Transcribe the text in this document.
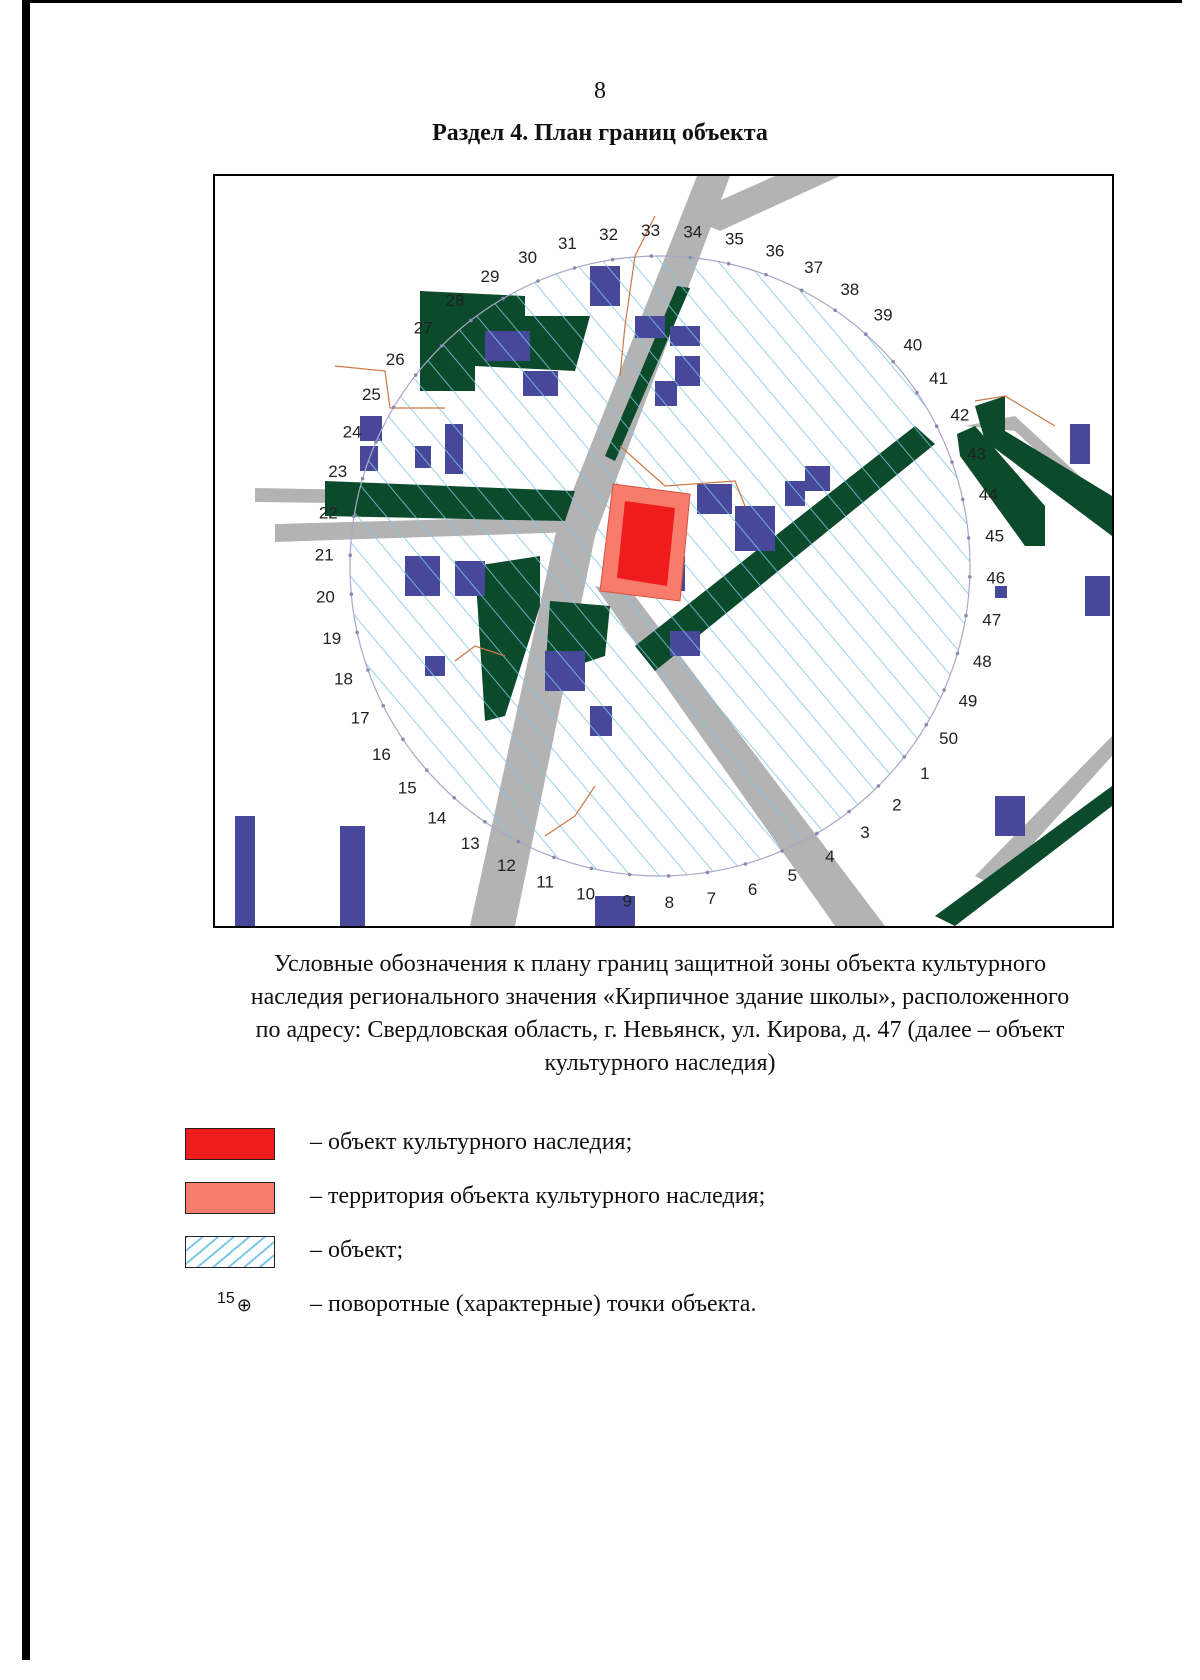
8
Раздел 4. План границ объекта
1
2
3
4
5
6
7
8
9
10
11
12
13
14
15
16
17
18
19
20
21
22
23
24
25
26
27
28
29
30
31 32 33 34 35
36
37
38
39
40
41
42
43
44
45
46
47
48
49
50

Условные обозначения к плану границ защитной зоны объекта культурного

наследия регионального значения «Кирпичное здание школы», расположенного

по адресу: Свердловская область, г. Невьянск, ул. Кирова, д. 47 (далее – объект

культурного наследия)

– объект культурного наследия;
– территория объекта культурного наследия;
– объект;
15 ⊕ – поворотные (характерные) точки объекта.
